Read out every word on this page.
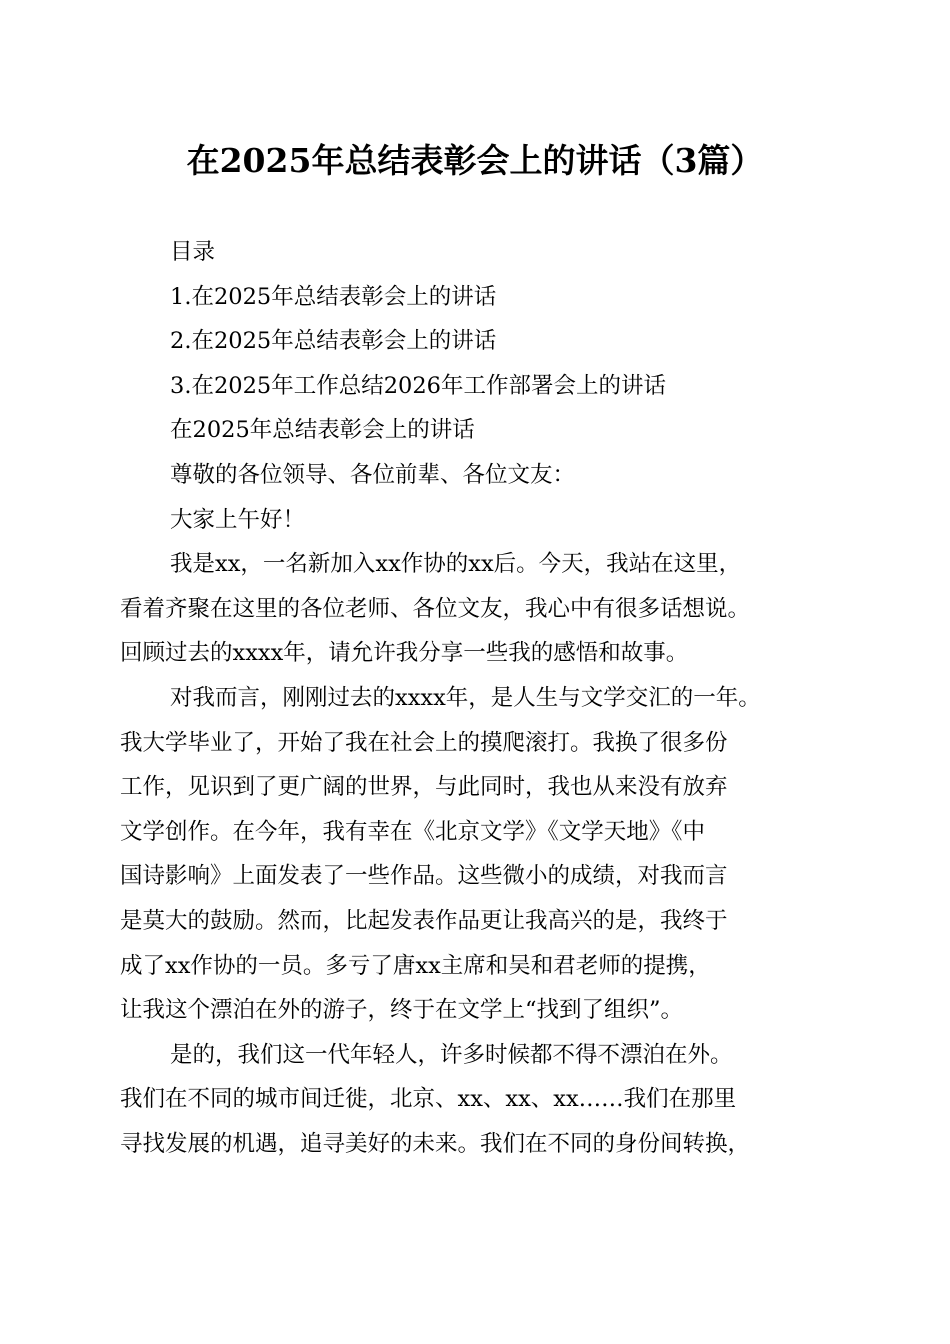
在2025年总结表彰会上的讲话（3篇）
目录
1.在2025年总结表彰会上的讲话
2.在2025年总结表彰会上的讲话
3.在2025年工作总结2026年工作部署会上的讲话
在2025年总结表彰会上的讲话
尊敬的各位领导、各位前辈、各位文友：
大家上午好！
我是xx，一名新加入xx作协的xx后。今天，我站在这里，
看着齐聚在这里的各位老师、各位文友，我心中有很多话想说。
回顾过去的xxxx年，请允许我分享一些我的感悟和故事。
对我而言，刚刚过去的xxxx年，是人生与文学交汇的一年。
我大学毕业了，开始了我在社会上的摸爬滚打。我换了很多份
工作，见识到了更广阔的世界，与此同时，我也从来没有放弃
文学创作。在今年，我有幸在《北京文学》《文学天地》《中
国诗影响》上面发表了一些作品。这些微小的成绩，对我而言
是莫大的鼓励。然而，比起发表作品更让我高兴的是，我终于
成了xx作协的一员。多亏了唐xx主席和吴和君老师的提携，
让我这个漂泊在外的游子，终于在文学上“找到了组织”。
是的，我们这一代年轻人，许多时候都不得不漂泊在外。
我们在不同的城市间迁徙，北京、xx、xx、xx……我们在那里
寻找发展的机遇，追寻美好的未来。我们在不同的身份间转换，
